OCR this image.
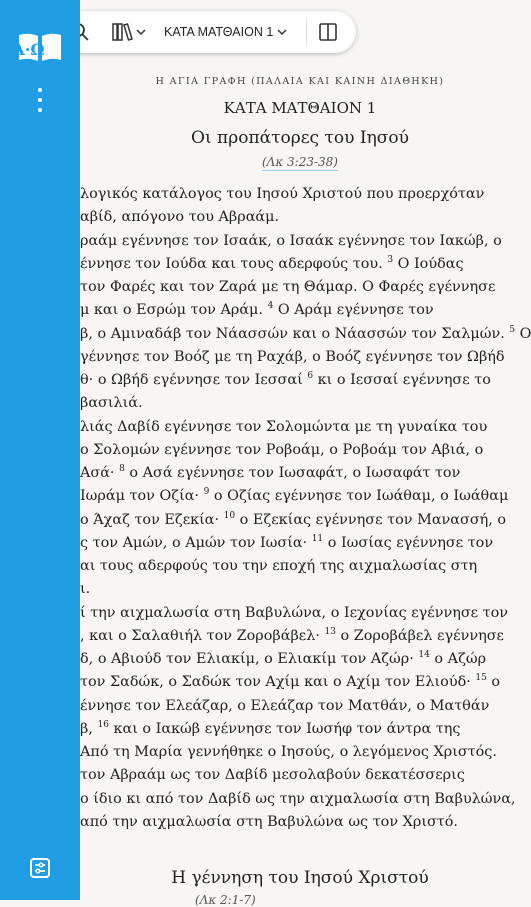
Α·Ω
ΚΑΤΑ ΜΑΤΘΑΙΟΝ 1
Η ΑΓΙΑ ΓΡΑΦΗ (ΠΑΛΑΙΑ ΚΑΙ ΚΑΙΝΗ ΔΙΑΘΗΚΗ)
ΚΑΤΑ ΜΑΤΘΑΙΟΝ 1
Οι προπάτορες του Ιησού
(Λκ 3:23-38)
λογικός κατάλογος του Ιησού Χριστού που προερχόταν
αβίδ, απόγονο του Αβραάμ.
ραάμ εγέννησε τον Ισαάκ, ο Ισαάκ εγέννησε τον Ιακώβ, ο
έννησε τον Ιούδα και τους αδερφούς του. $^3$ Ο Ιούδας
τον Φαρές και τον Ζαρά με τη Θάμαρ. Ο Φαρές εγέννησε
μ και ο Εσρώμ τον Αράμ. $^4$ Ο Αράμ εγέννησε τον
β, ο Αμιναδάβ τον Νάασσών και ο Νάασσών τον Σαλμών. $^5$ Ο
γέννησε τον Βοόζ με τη Ραχάβ, ο Βοόζ εγέννησε τον Ωβήδ
θ· ο Ωβήδ εγέννησε τον Ιεσσαί $^6$ κι ο Ιεσσαί εγέννησε το
βασιλιά.
λιάς Δαβίδ εγέννησε τον Σολομώντα με τη γυναίκα του
ο Σολομών εγέννησε τον Ροβοάμ, ο Ροβοάμ τον Αβιά, ο
Ασά· $^8$ ο Ασά εγέννησε τον Ιωσαφάτ, ο Ιωσαφάτ τον
Ιωράμ τον Οζία· $^9$ ο Οζίας εγέννησε τον Ιωάθαμ, ο Ιωάθαμ
ο Άχαζ τον Εζεκία· $^{10}$ ο Εζεκίας εγέννησε τον Μανασσή, ο
ς τον Αμών, ο Αμών τον Ιωσία· $^{11}$ ο Ιωσίας εγέννησε τον
αι τους αδερφούς του την εποχή της αιχμαλωσίας στη
ι.
ί την αιχμαλωσία στη Βαβυλώνα, ο Ιεχονίας εγέννησε τον
, και ο Σαλαθιήλ τον Ζοροβάβελ· $^{13}$ ο Ζοροβάβελ εγέννησε
δ, ο Αβιούδ τον Ελιακίμ, ο Ελιακίμ τον Αζώρ· $^{14}$ ο Αζώρ
τον Σαδώκ, ο Σαδώκ τον Αχίμ και ο Αχίμ τον Ελιούδ· $^{15}$ ο
έννησε τον Ελεάζαρ, ο Ελεάζαρ τον Ματθάν, ο Ματθάν
β, $^{16}$ και ο Ιακώβ εγέννησε τον Ιωσήφ τον άντρα της
Από τη Μαρία γεννήθηκε ο Ιησούς, ο λεγόμενος Χριστός.
τον Αβραάμ ως τον Δαβίδ μεσολαβούν δεκατέσσερις
ο ίδιο κι από τον Δαβίδ ως την αιχμαλωσία στη Βαβυλώνα,
από την αιχμαλωσία στη Βαβυλώνα ως τον Χριστό.
Η γέννηση του Ιησού Χριστού
(Λκ 2:1-7)
